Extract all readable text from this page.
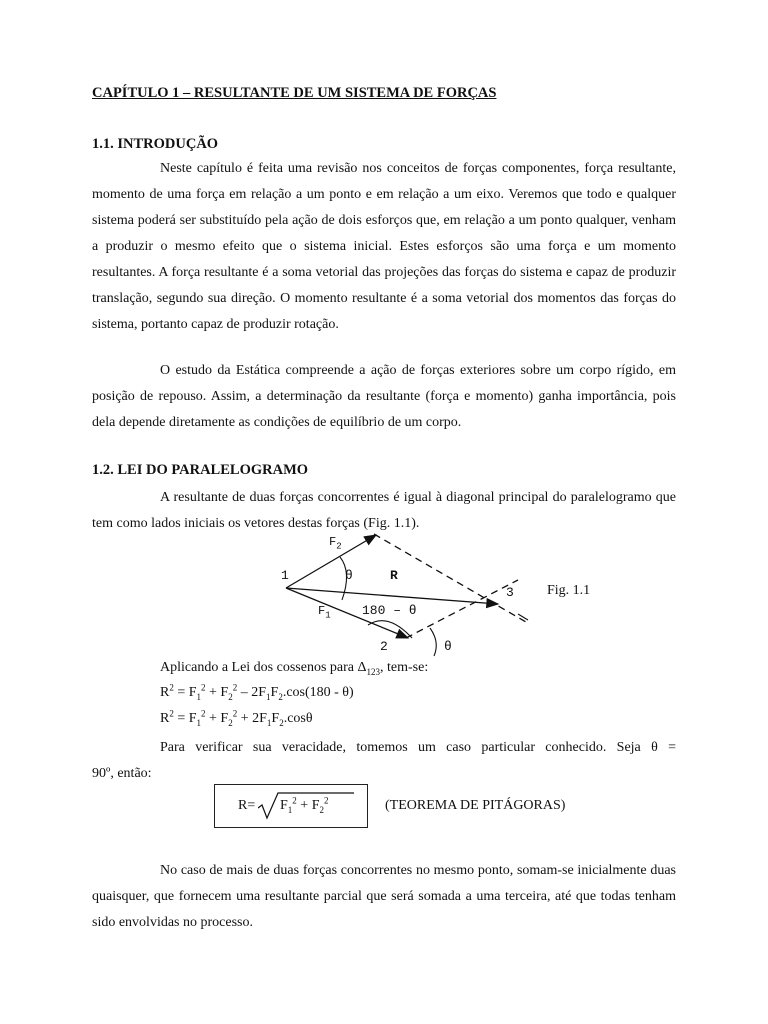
CAPÍTULO 1 – RESULTANTE DE UM SISTEMA DE FORÇAS
1.1. INTRODUÇÃO

Neste capítulo é feita uma revisão nos conceitos de forças componentes, força resultante, momento de uma força em relação a um ponto e em relação a um eixo. Veremos que todo e qualquer sistema poderá ser substituído pela ação de dois esforços que, em relação a um ponto qualquer, venham a produzir o mesmo efeito que o sistema inicial. Estes esforços são uma força e um momento resultantes. A força resultante é a soma vetorial das projeções das forças do sistema e capaz de produzir translação, segundo sua direção. O momento resultante é a soma vetorial dos momentos das forças do sistema, portanto capaz de produzir rotação.

O estudo da Estática compreende a ação de forças exteriores sobre um corpo rígido, em posição de repouso. Assim, a determinação da resultante (força e momento) ganha importância, pois dela depende diretamente as condições de equilíbrio de um corpo.

1.2. LEI DO PARALELOGRAMO

A resultante de duas forças concorrentes é igual à diagonal principal do paralelogramo que tem como lados iniciais os vetores destas forças (Fig. 1.1).

$F_2$
1	θ	R
3 Fig. 1.1
$F_1$ 180 – θ
2	θ
Aplicando a Lei dos cossenos para $\Delta_{123}$, tem-se:
$R^2 = F_1^2 + F_2^2 - 2F_1F_2.\cos(180 - \theta)$
$R^2 = F_1^2 + F_2^2 + 2F_1F_2.\cos\theta$
Para verificar sua veracidade, tomemos um caso particular conhecido. Seja θ =
90º, então:
$R= F_1^2 + F_2^2$	(TEOREMA DE PITÁGORAS)

No caso de mais de duas forças concorrentes no mesmo ponto, somam-se inicialmente duas quaisquer, que fornecem uma resultante parcial que será somada a uma terceira, até que todas tenham sido envolvidas no processo.
